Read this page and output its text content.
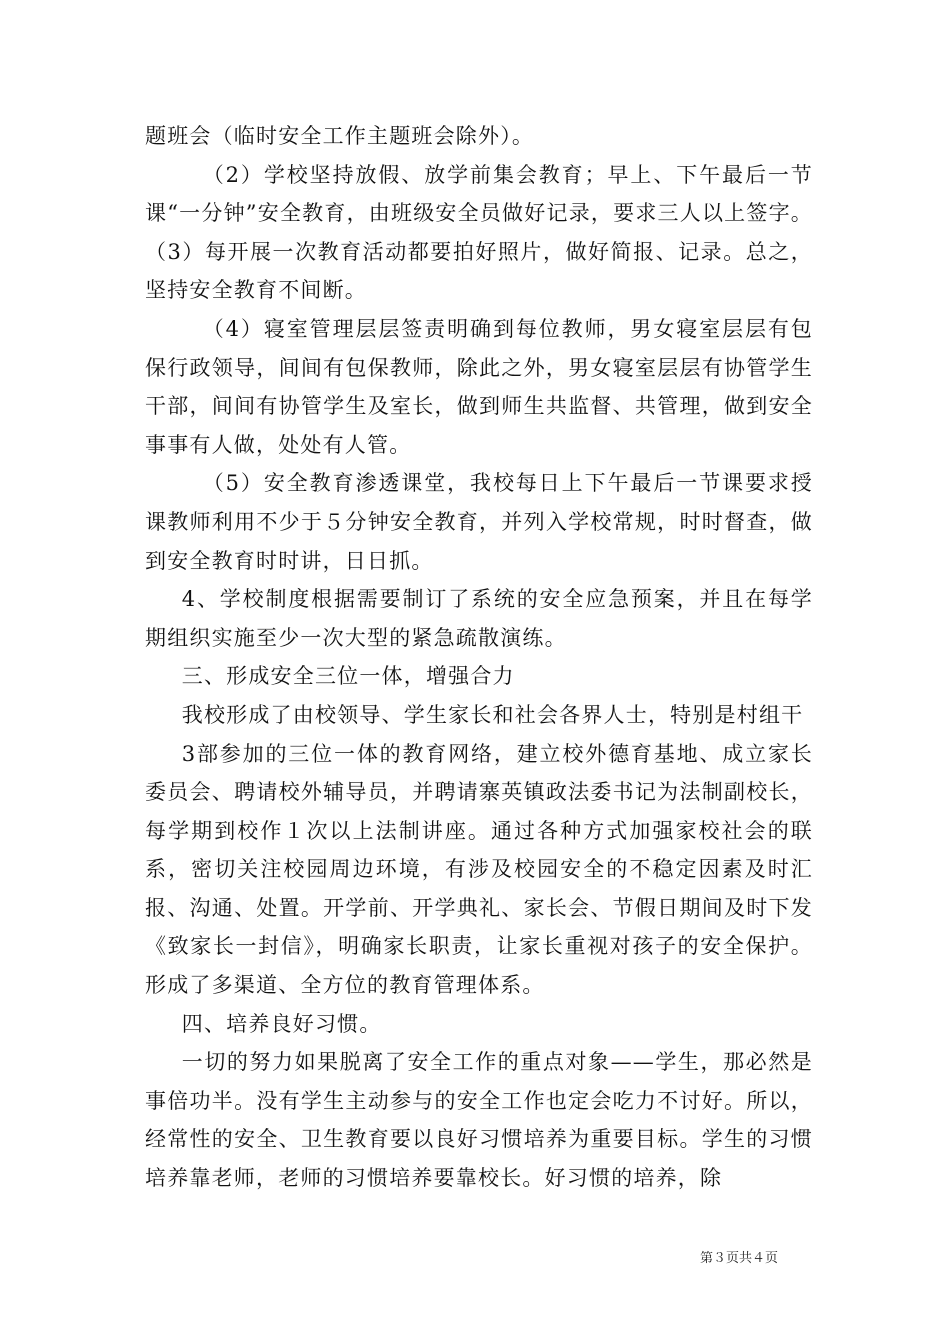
题班会（临时安全工作主题班会除外）。

（2）学校坚持放假、放学前集会教育；早上、下午最后一节课“一分钟”安全教育，由班级安全员做好记录，要求三人以上签字。（3）每开展一次教育活动都要拍好照片，做好简报、记录。总之，坚持安全教育不间断。

（4）寝室管理层层签责明确到每位教师，男女寝室层层有包保行政领导，间间有包保教师，除此之外，男女寝室层层有协管学生干部，间间有协管学生及室长，做到师生共监督、共管理，做到安全事事有人做，处处有人管。

（5）安全教育渗透课堂，我校每日上下午最后一节课要求授课教师利用不少于５分钟安全教育，并列入学校常规，时时督查，做到安全教育时时讲，日日抓。

4、学校制度根据需要制订了系统的安全应急预案，并且在每学期组织实施至少一次大型的紧急疏散演练。

三、形成安全三位一体，增强合力

我校形成了由校领导、学生家长和社会各界人士，特别是村组干

3部参加的三位一体的教育网络，建立校外德育基地、成立家长委员会、聘请校外辅导员，并聘请寨英镇政法委书记为法制副校长，每学期到校作１次以上法制讲座。通过各种方式加强家校社会的联系，密切关注校园周边环境，有涉及校园安全的不稳定因素及时汇报、沟通、处置。开学前、开学典礼、家长会、节假日期间及时下发《致家长一封信》，明确家长职责，让家长重视对孩子的安全保护。形成了多渠道、全方位的教育管理体系。

四、培养良好习惯。

一切的努力如果脱离了安全工作的重点对象——学生，那必然是事倍功半。没有学生主动参与的安全工作也定会吃力不讨好。所以，经常性的安全、卫生教育要以良好习惯培养为重要目标。学生的习惯培养靠老师，老师的习惯培养要靠校长。好习惯的培养，除

第３页共４页
